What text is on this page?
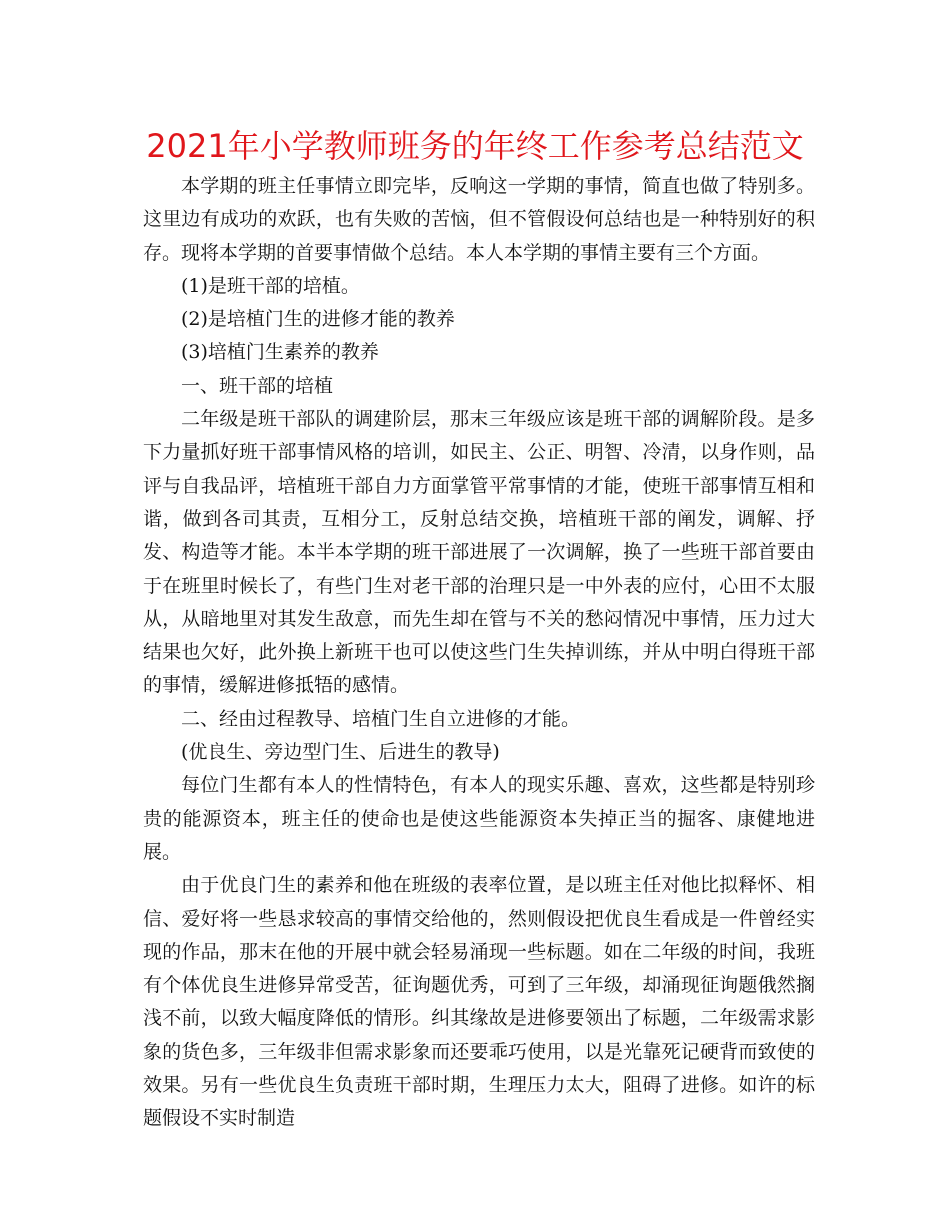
2021年小学教师班务的年终工作参考总结范文

本学期的班主任事情立即完毕，反响这一学期的事情，简直也做了特别多。这里边有成功的欢跃，也有失败的苦恼，但不管假设何总结也是一种特别好的积存。现将本学期的首要事情做个总结。本人本学期的事情主要有三个方面。

(1)是班干部的培植。

(2)是培植门生的进修才能的教养

(3)培植门生素养的教养

一、班干部的培植

二年级是班干部队的调建阶层，那末三年级应该是班干部的调解阶段。是多下力量抓好班干部事情风格的培训，如民主、公正、明智、冷清，以身作则，品评与自我品评，培植班干部自力方面掌管平常事情的才能，使班干部事情互相和谐，做到各司其责，互相分工，反射总结交换，培植班干部的阐发，调解、抒发、构造等才能。本半本学期的班干部进展了一次调解，换了一些班干部首要由于在班里时候长了，有些门生对老干部的治理只是一中外表的应付，心田不太服从，从暗地里对其发生敌意，而先生却在管与不关的愁闷情况中事情，压力过大结果也欠好，此外换上新班干也可以使这些门生失掉训练，并从中明白得班干部的事情，缓解进修抵牾的感情。

二、经由过程教导、培植门生自立进修的才能。

(优良生、旁边型门生、后进生的教导)

每位门生都有本人的性情特色，有本人的现实乐趣、喜欢，这些都是特别珍贵的能源资本，班主任的使命也是使这些能源资本失掉正当的掘客、康健地进展。

由于优良门生的素养和他在班级的表率位置，是以班主任对他比拟释怀、相信、爱好将一些恳求较高的事情交给他的，然则假设把优良生看成是一件曾经实现的作品，那末在他的开展中就会轻易涌现一些标题。如在二年级的时间，我班有个体优良生进修异常受苦，征询题优秀，可到了三年级，却涌现征询题俄然搁浅不前，以致大幅度降低的情形。纠其缘故是进修要领出了标题，二年级需求影象的货色多，三年级非但需求影象而还要乖巧使用，以是光靠死记硬背而致使的效果。另有一些优良生负责班干部时期，生理压力太大，阻碍了进修。如许的标题假设不实时制造
